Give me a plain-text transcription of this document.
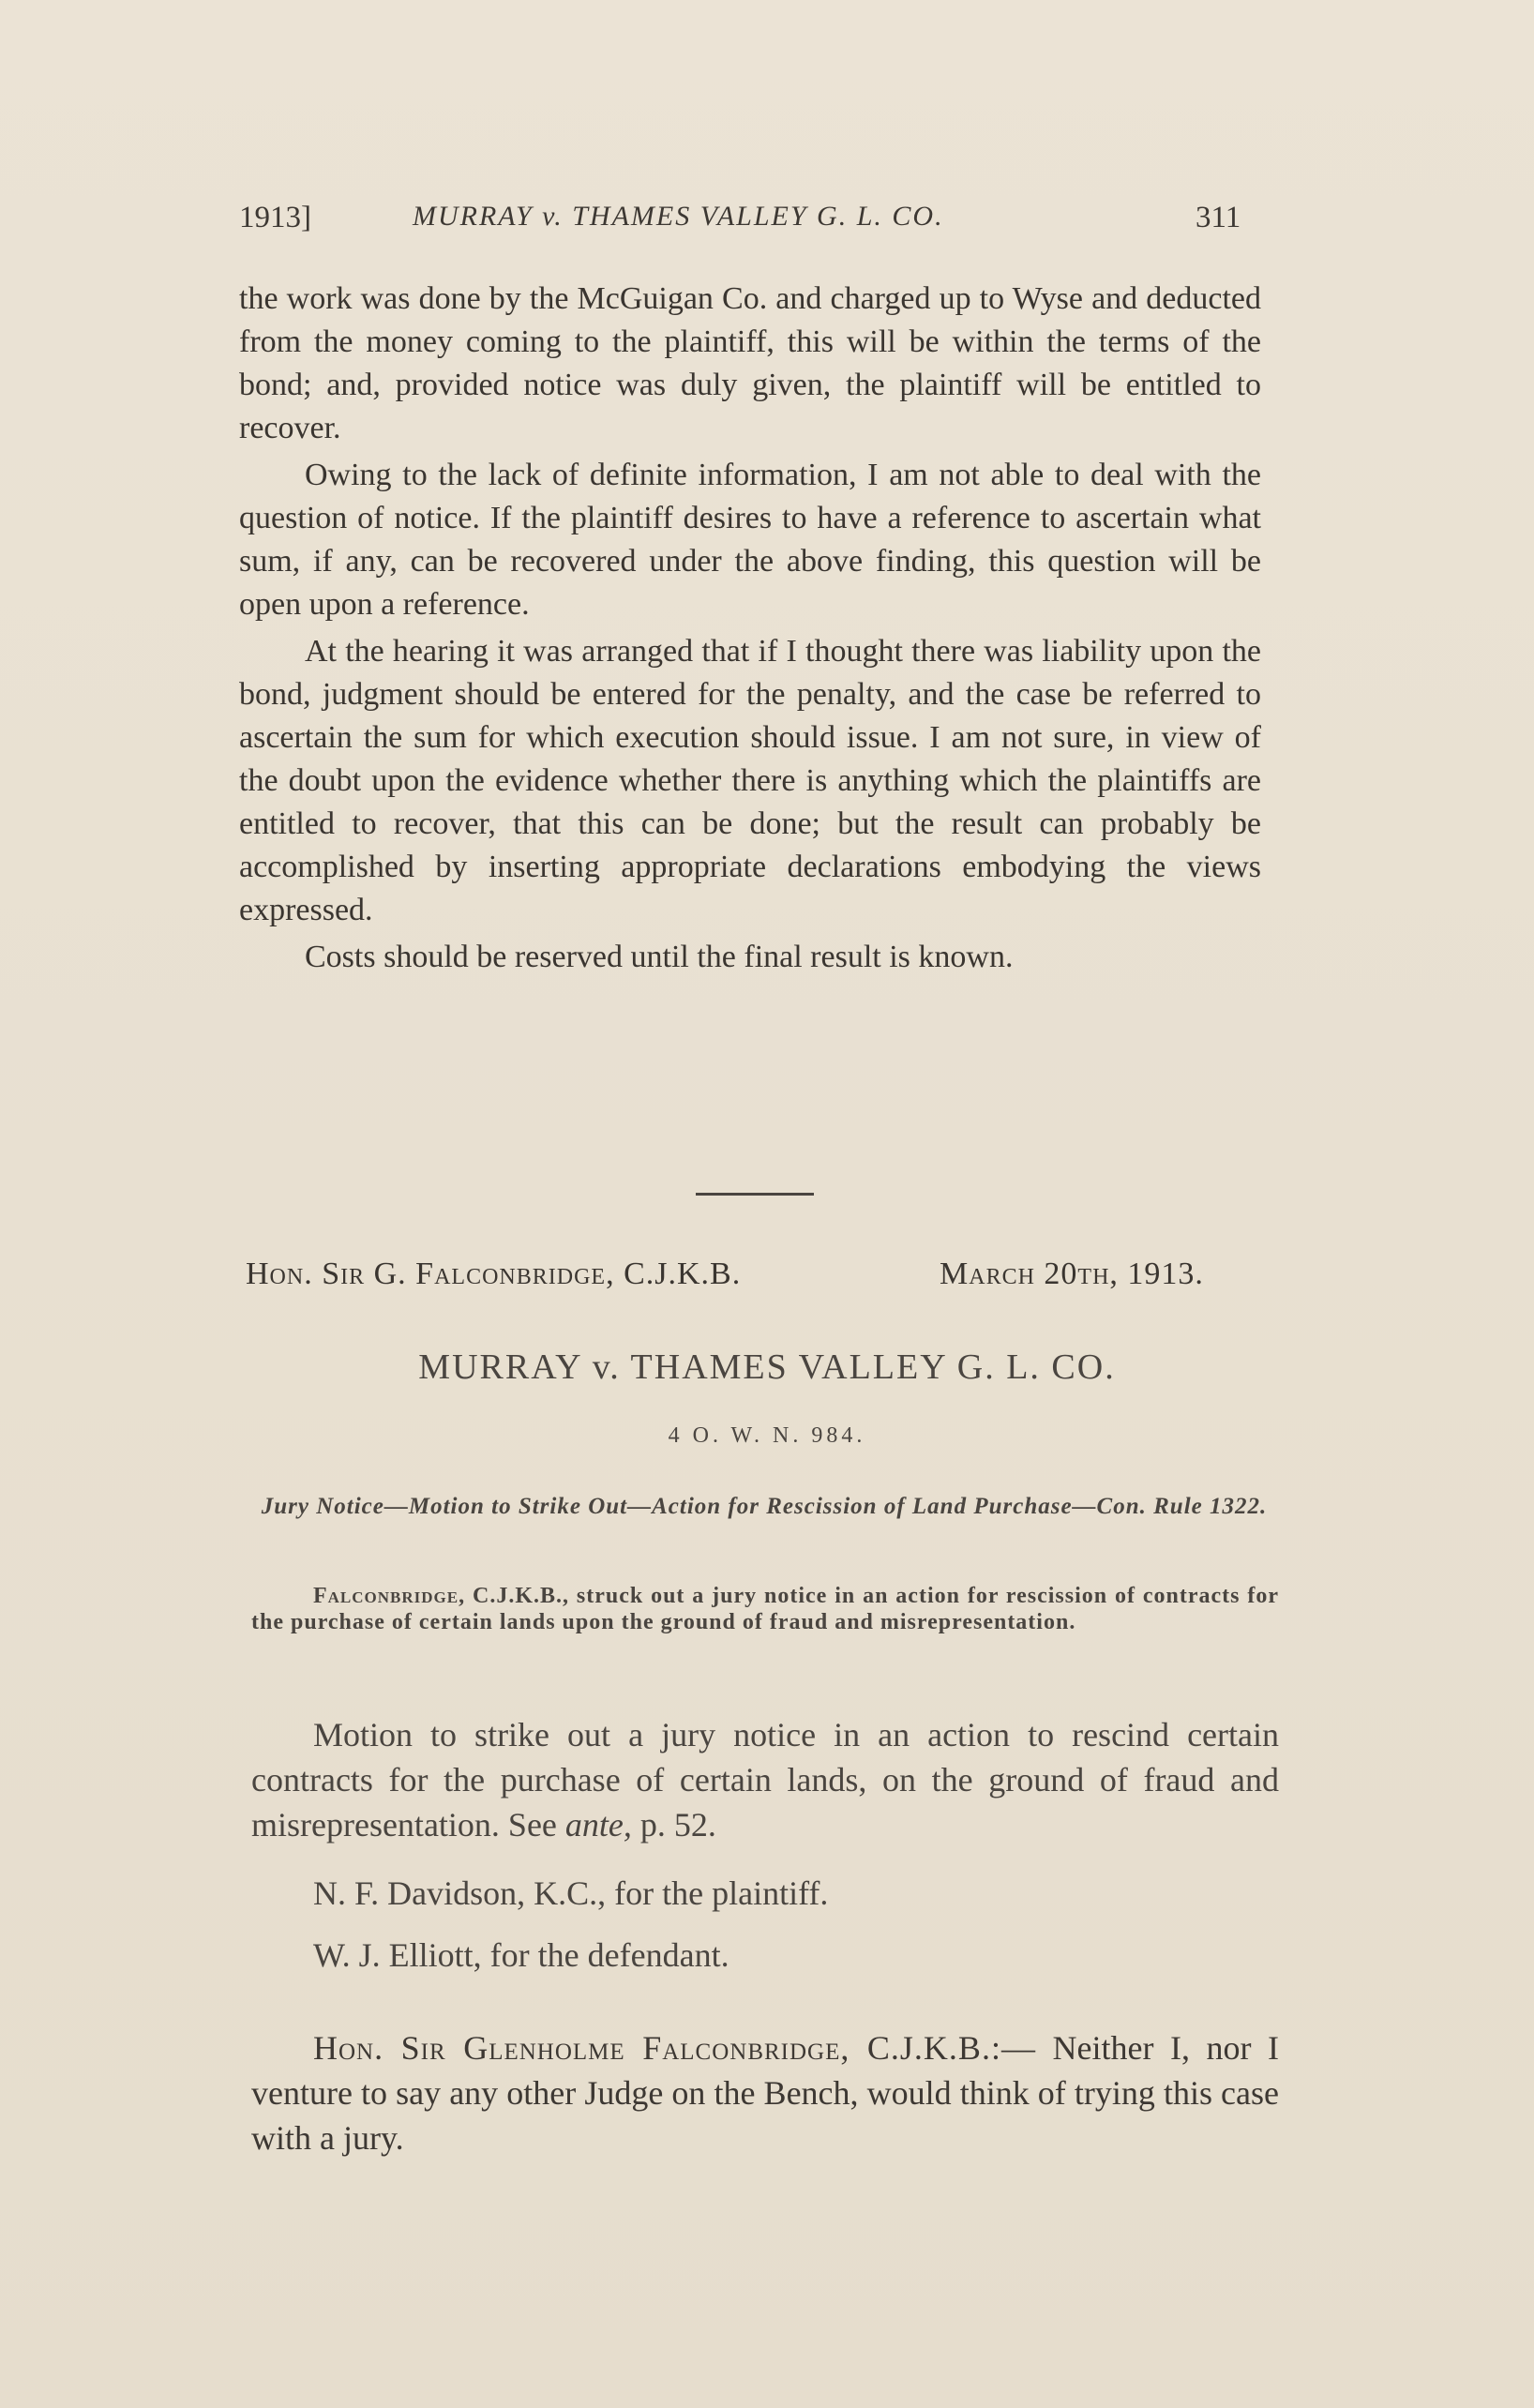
1913]	MURRAY v. THAMES VALLEY G. L. CO.	311

the work was done by the McGuigan Co. and charged up to Wyse and deducted from the money coming to the plaintiff, this will be within the terms of the bond; and, provided notice was duly given, the plaintiff will be entitled to recover.

Owing to the lack of definite information, I am not able to deal with the question of notice. If the plaintiff desires to have a reference to ascertain what sum, if any, can be recovered under the above finding, this question will be open upon a reference.

At the hearing it was arranged that if I thought there was liability upon the bond, judgment should be entered for the penalty, and the case be referred to ascertain the sum for which execution should issue. I am not sure, in view of the doubt upon the evidence whether there is anything which the plaintiffs are entitled to recover, that this can be done; but the result can probably be accomplished by inserting appropriate declarations embodying the views expressed.

Costs should be reserved until the final result is known.

Hon. Sir G. Falconbridge, C.J.K.B.	March 20th, 1913.
MURRAY v. THAMES VALLEY G. L. CO.
4 O. W. N. 984.
Jury Notice—Motion to Strike Out—Action for Rescission of Land Purchase—Con. Rule 1322.
Falconbridge, C.J.K.B., struck out a jury notice in an action for rescission of contracts for the purchase of certain lands upon the ground of fraud and misrepresentation.

Motion to strike out a jury notice in an action to rescind certain contracts for the purchase of certain lands, on the ground of fraud and misrepresentation. See ante, p. 52.

N. F. Davidson, K.C., for the plaintiff.
W. J. Elliott, for the defendant.

Hon. Sir Glenholme Falconbridge, C.J.K.B.:— Neither I, nor I venture to say any other Judge on the Bench, would think of trying this case with a jury.
